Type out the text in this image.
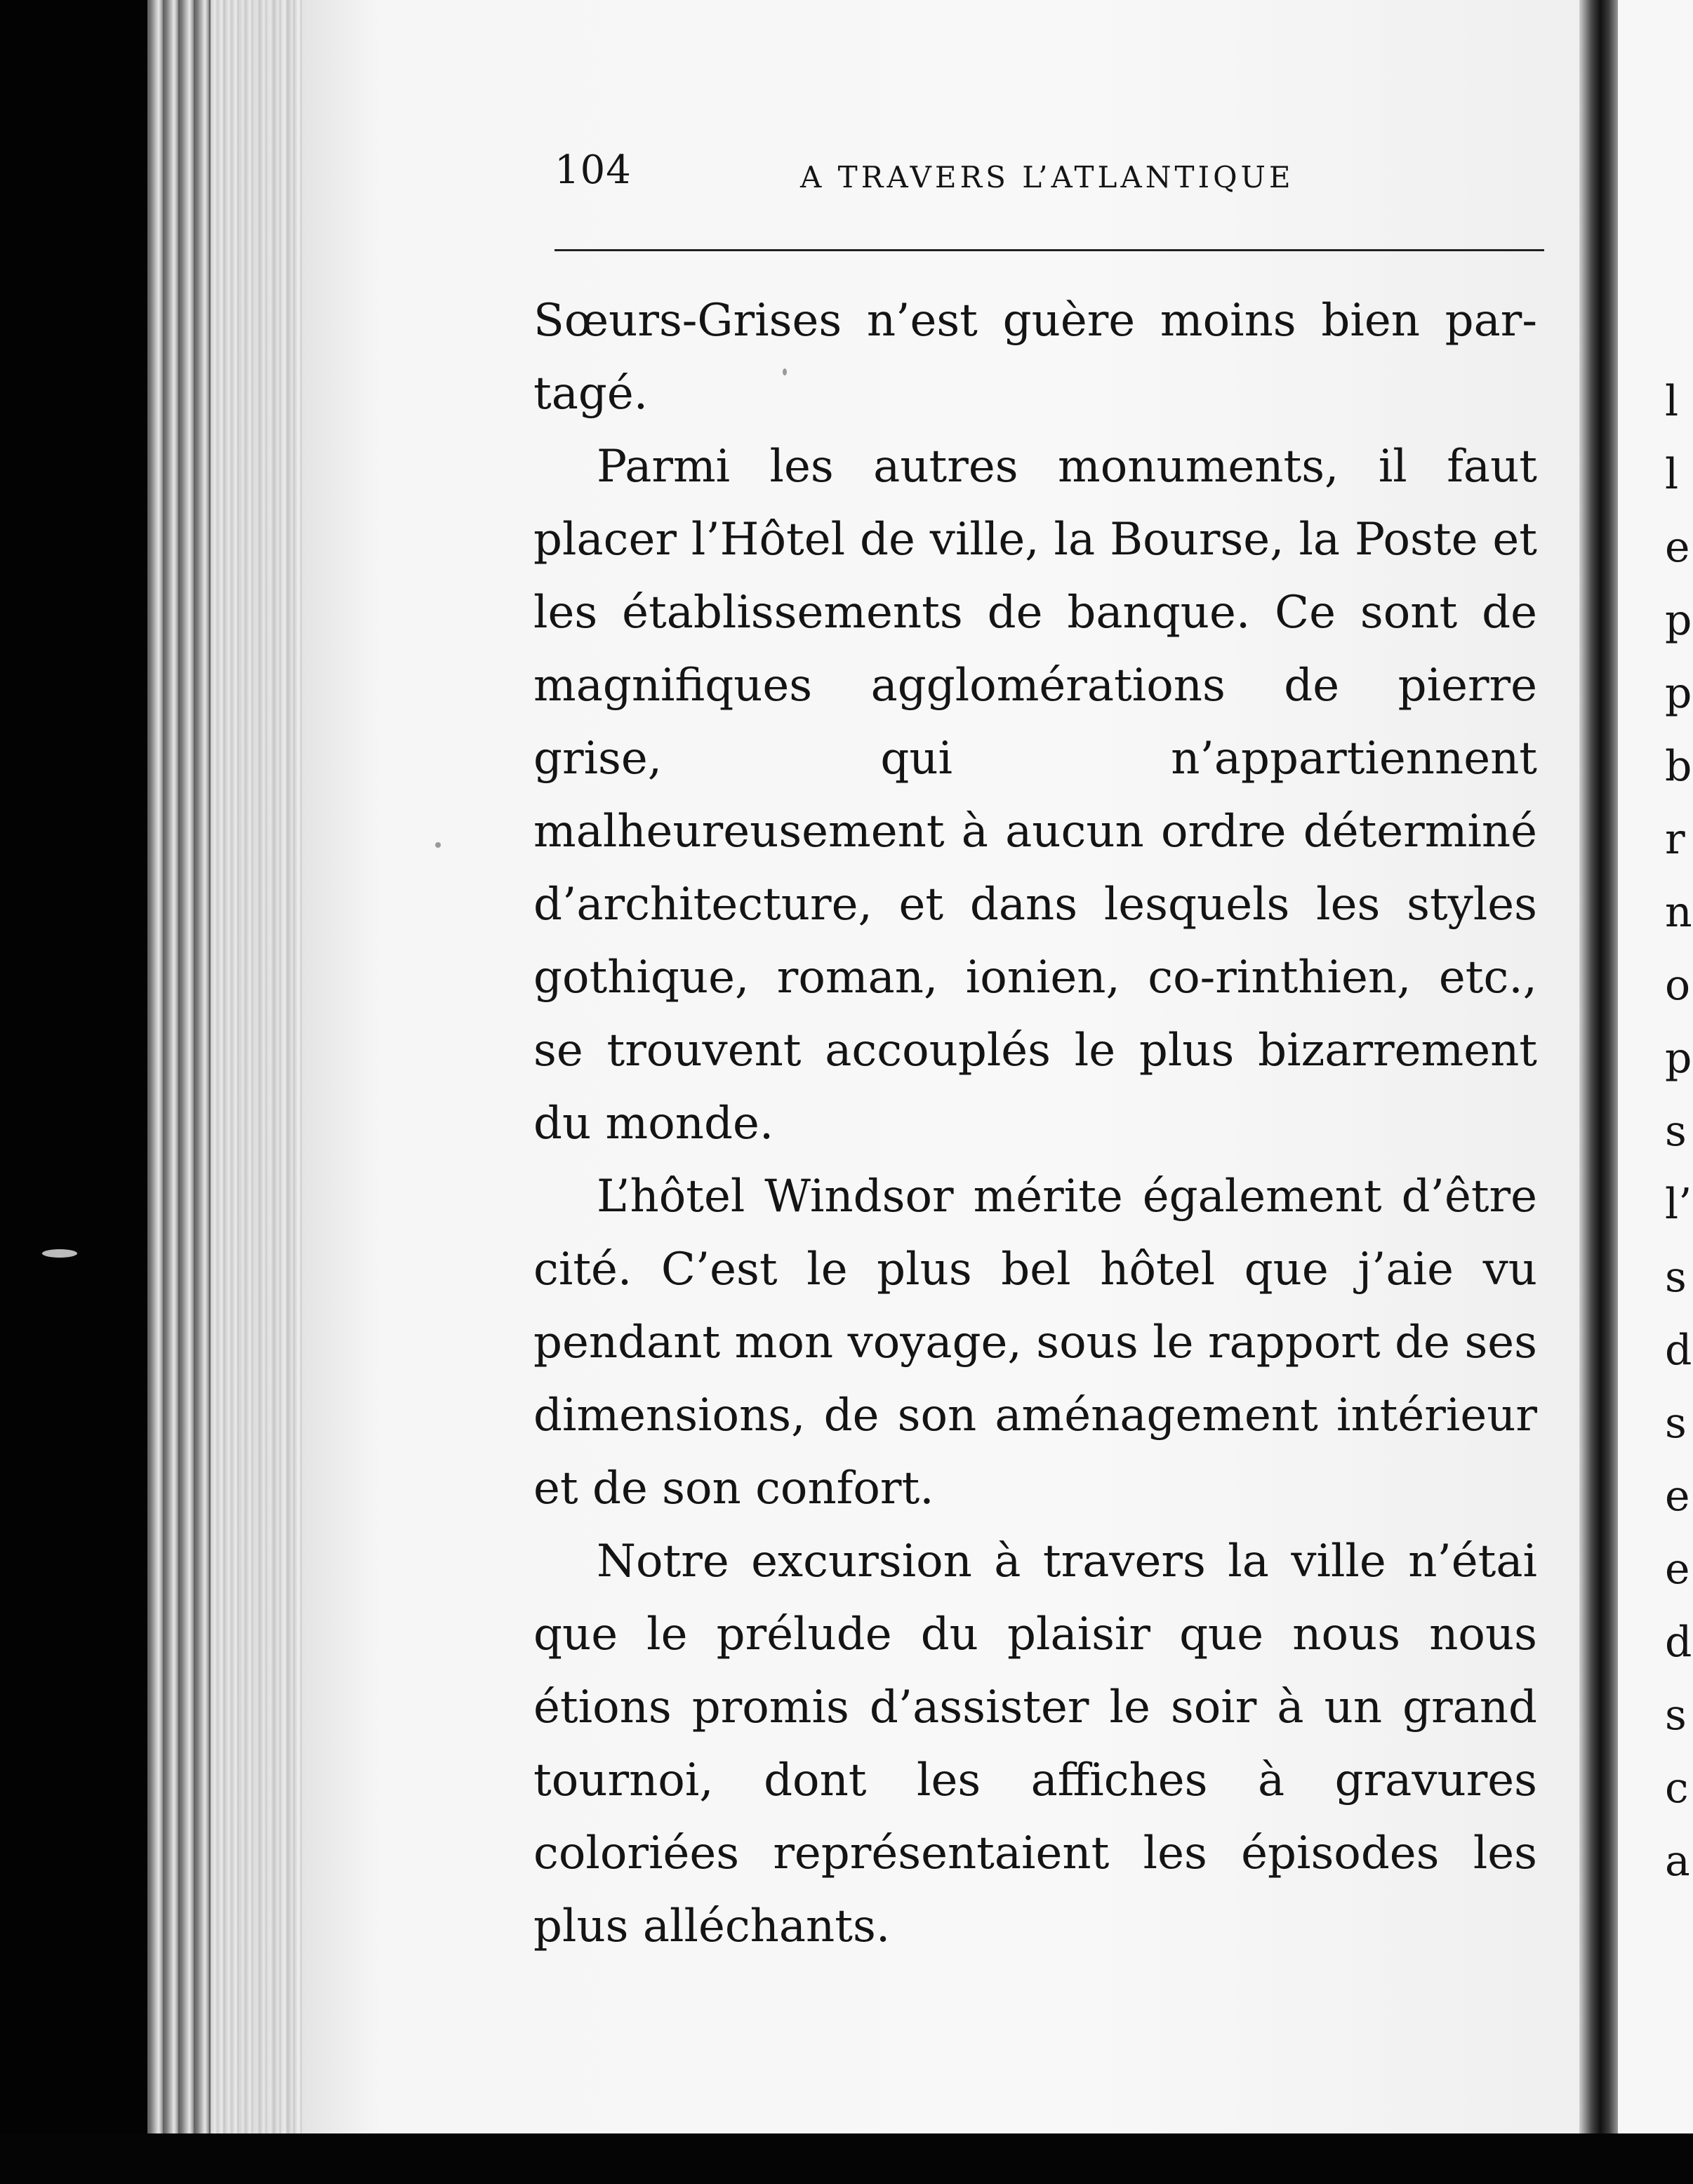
104	A TRAVERS L’ATLANTIQUE

Sœurs-Grises n’est guère moins bien par-tagé.

Parmi les autres monuments, il faut placer l’Hôtel de ville, la Bourse, la Poste et les établissements de banque. Ce sont de magnifiques agglomérations de pierre grise, qui n’appartiennent malheureusement à aucun ordre déterminé d’architecture, et dans lesquels les styles gothique, roman, ionien, co-rinthien, etc., se trouvent accouplés le plus bizarrement du monde.

L’hôtel Windsor mérite également d’être cité. C’est le plus bel hôtel que j’aie vu pendant mon voyage, sous le rapport de ses dimensions, de son aménagement intérieur et de son confort.

Notre excursion à travers la ville n’étai que le prélude du plaisir que nous nous étions promis d’assister le soir à un grand tournoi, dont les affiches à gravures coloriées représentaient les épisodes les plus alléchants.

l
l
e
p
p
b
r
n
o
p
s
l’
s
d
s
e
e
d
s
c
a
